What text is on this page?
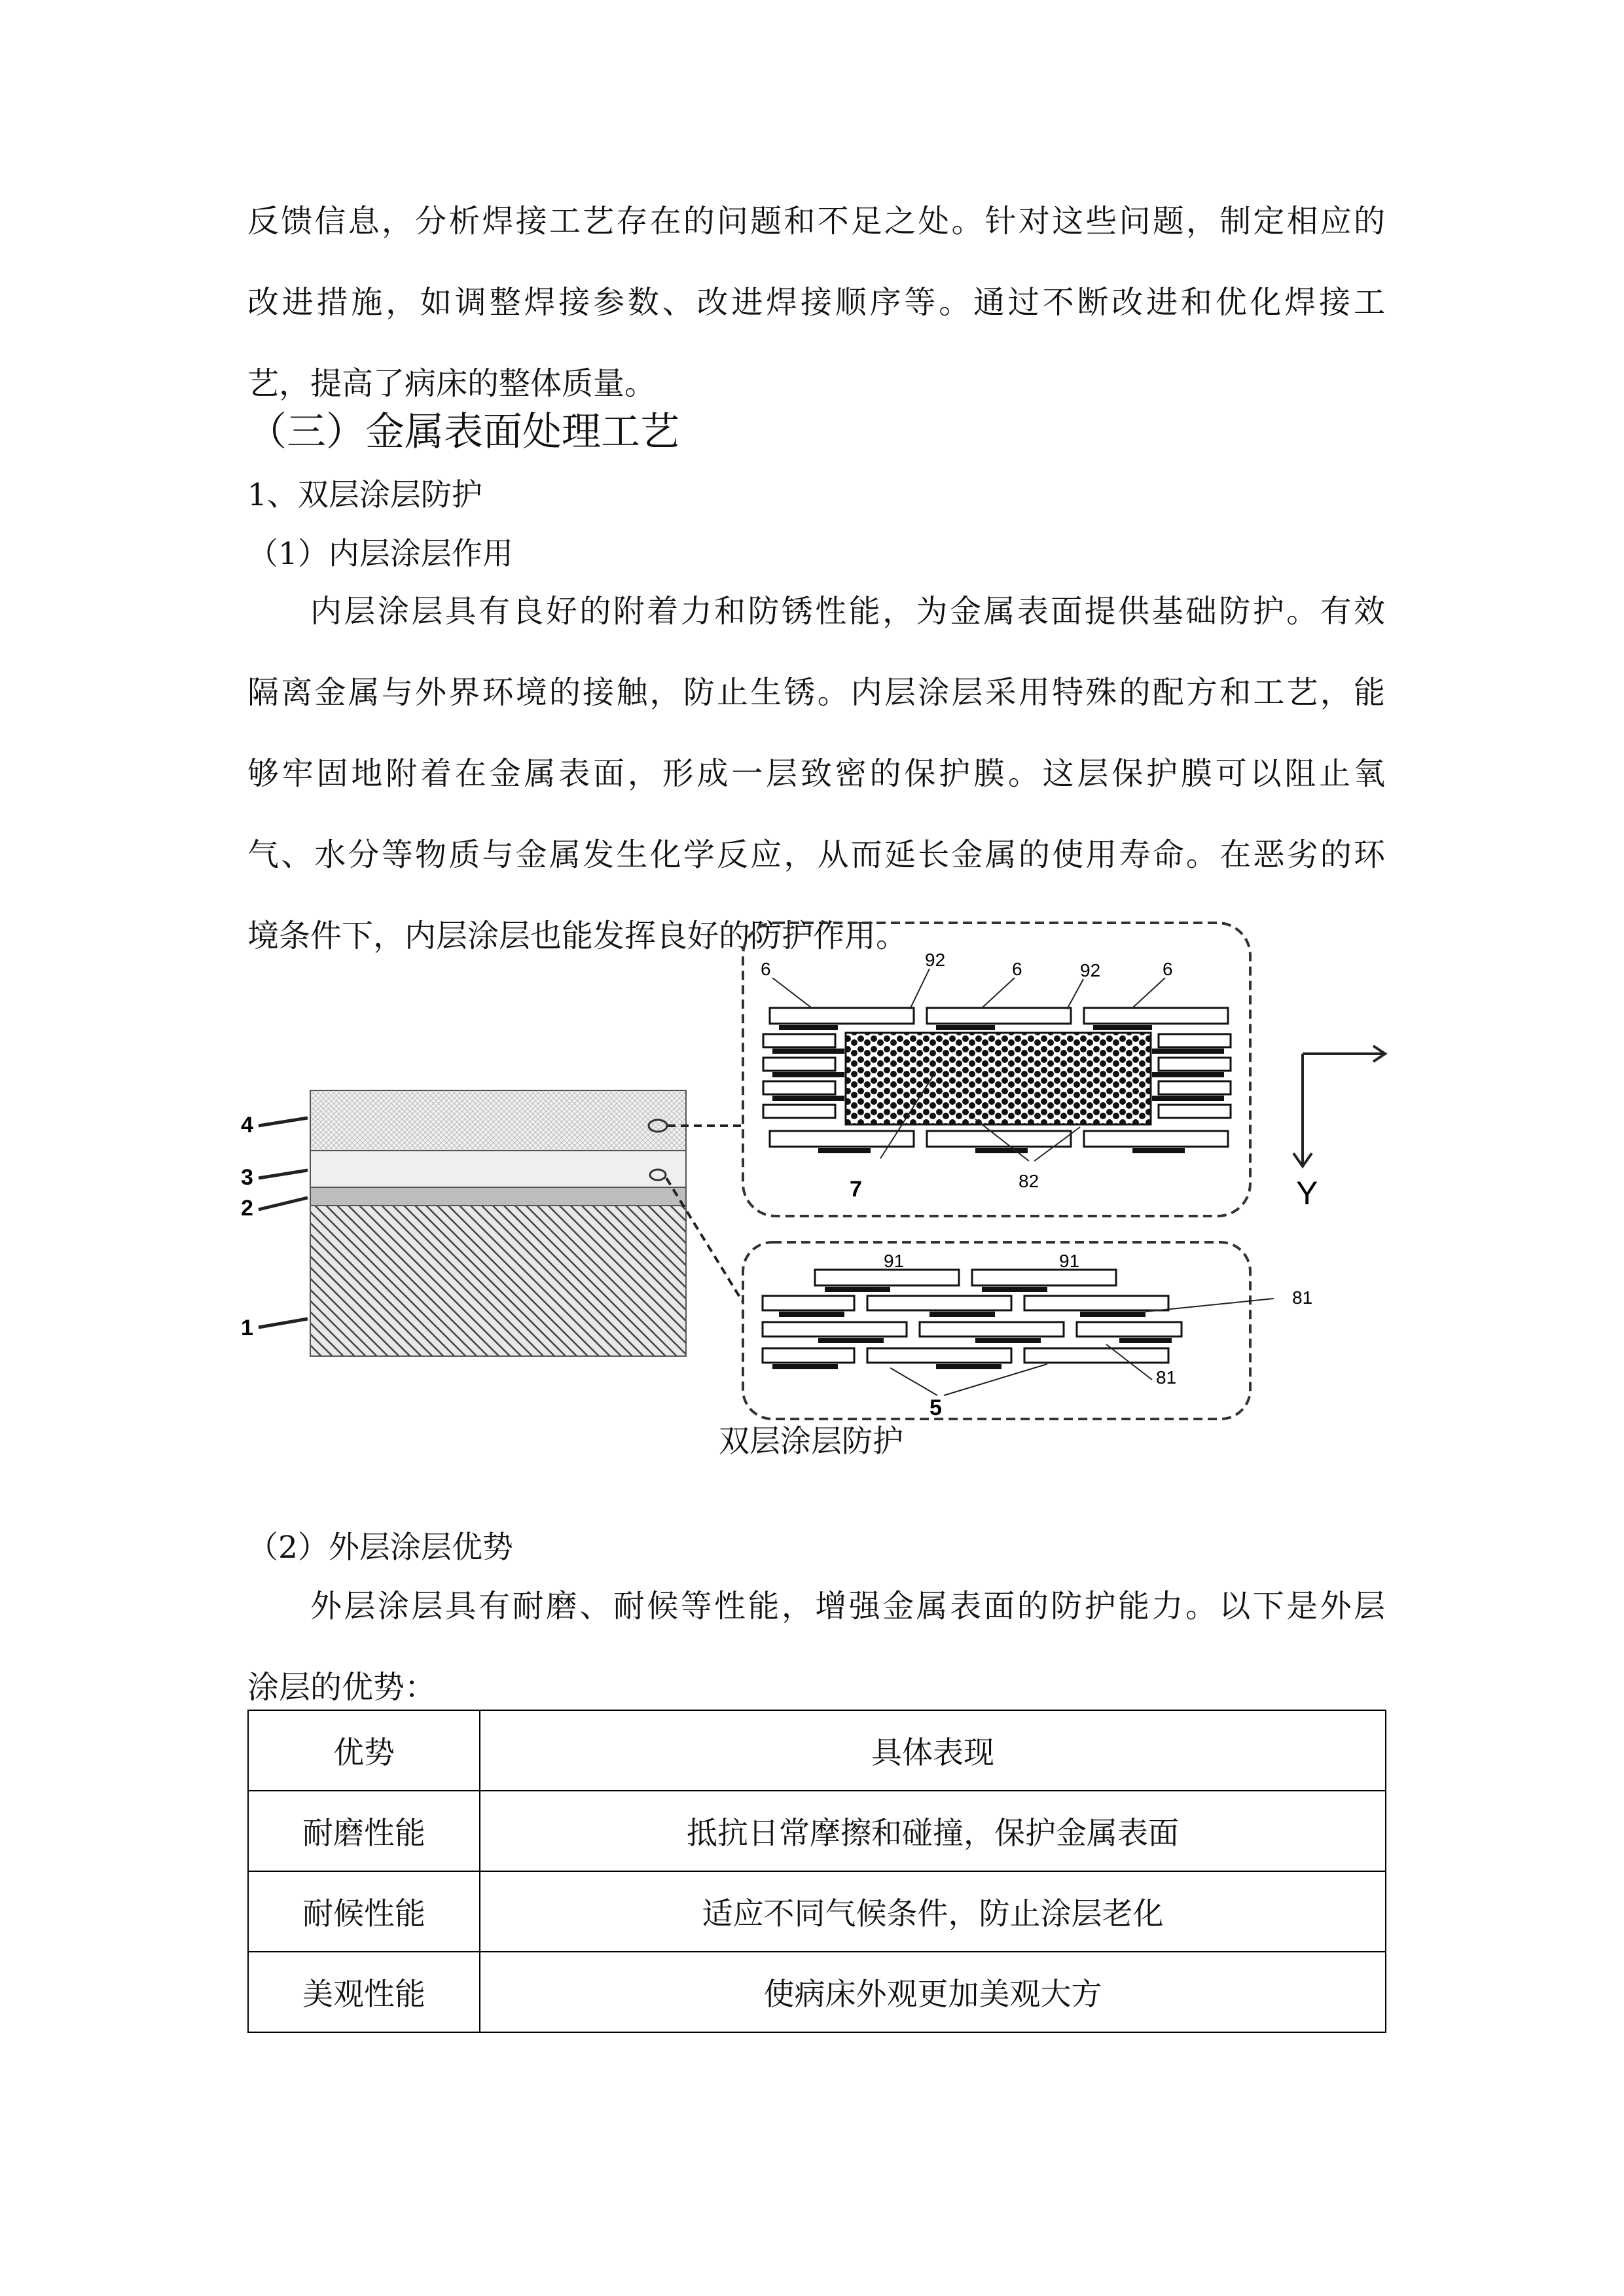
反馈信息，分析焊接工艺存在的问题和不足之处。针对这些问题，制定相应的
改进措施，如调整焊接参数、改进焊接顺序等。通过不断改进和优化焊接工
艺，提高了病床的整体质量。
（三）金属表面处理工艺
1、双层涂层防护
（1）内层涂层作用
内层涂层具有良好的附着力和防锈性能，为金属表面提供基础防护。有效
隔离金属与外界环境的接触，防止生锈。内层涂层采用特殊的配方和工艺，能
够牢固地附着在金属表面，形成一层致密的保护膜。这层保护膜可以阻止氧
气、水分等物质与金属发生化学反应，从而延长金属的使用寿命。在恶劣的环
境条件下，内层涂层也能发挥良好的防护作用。
4
3
2
1
6	92	6	92	6
7	82	Y
91	91
81
5
81
双层涂层防护
（2）外层涂层优势
外层涂层具有耐磨、耐候等性能，增强金属表面的防护能力。以下是外层
涂层的优势：
优势	具体表现
耐磨性能	抵抗日常摩擦和碰撞，保护金属表面
耐候性能	适应不同气候条件，防止涂层老化
美观性能	使病床外观更加美观大方
